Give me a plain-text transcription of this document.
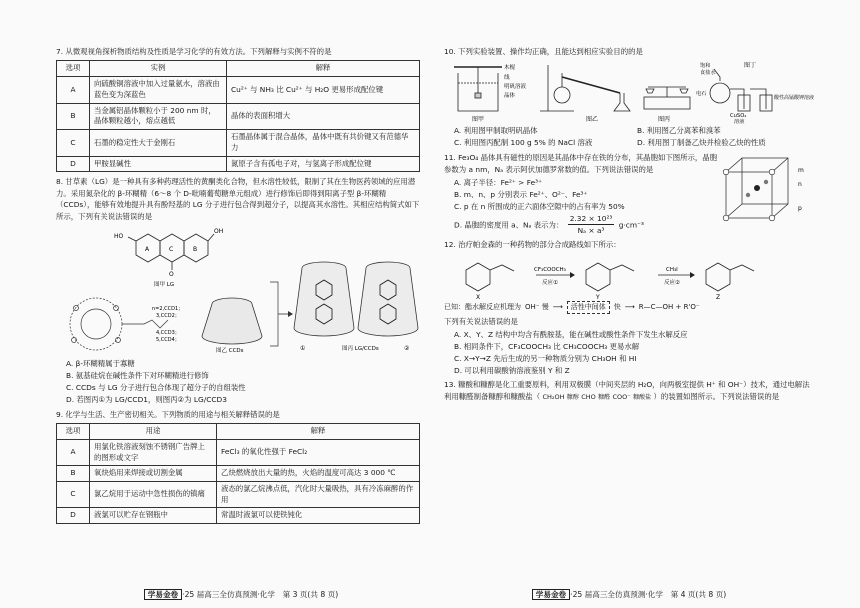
7. 从微观视角探析物质结构及性质是学习化学的有效方法。下列解释与实例不符的是
选项	实例	解释
A	向硫酸铜溶液中加入过量氨水，溶液由蓝色变为深蓝色	Cu²⁺ 与 NH₃ 比 Cu²⁺ 与 H₂O 更易形成配位键
B	当金属铝晶体颗粒小于 200 nm 时，晶体颗粒越小，熔点越低	晶体的表面积增大
C	石墨的稳定性大于金刚石	石墨晶体属于混合晶体，晶体中既有共价键又有范德华力
D	甲胺显碱性	氮原子含有孤电子对，与氢离子形成配位键
8. 甘草素（LG）是一种具有多种药理活性的黄酮类化合物，但水溶性较低，限制了其在生物医药领域的应用潜力。采用氮杂化的 β-环糊精（6～8 个 D-吡喃葡萄糖单元组成）进行修饰后即得到阳离子型 β-环糊精（CCDs），能够有效地提升具有酚羟基的 LG 分子进行包合得到超分子，以提高其水溶性。其相应结构简式如下所示，下列有关说法错误的是
HO
OH
O
A	C	B
图甲 LG
n=2,CCD1；
3,CCD2；
4,CCD3；
5,CCD4；
图乙 CCDs	①	图丙 LG/CCDs	②
A. β-环糊精属于寡糖
B. 氨基硅烷在碱性条件下对环糊精进行修饰
C. CCDs 与 LG 分子进行包合体现了超分子的自组装性
D. 若图丙①为 LG/CCD1，则图丙②为 LG/CCD3
9. 化学与生活、生产密切相关。下列物质的用途与相关解释错误的是
选项	用途	解释
A	用氯化铁溶液刻蚀不锈钢广告牌上的图形或文字	FeCl₃ 的氧化性强于 FeCl₂
B	氧炔焰用来焊接或切割金属	乙炔燃烧放出大量的热，火焰的温度可高达 3 000 ℃
C	氯乙烷用于运动中急性损伤的镇痛	液态的氯乙烷沸点低，汽化时大量吸热，具有冷冻麻醉的作用
D	液氯可以贮存在钢瓶中	常温时液氯可以使铁钝化
学易金卷 ·25 届高三全仿真预测·化学　第 3 页(共 8 页)
10. 下列实验装置、操作均正确，且能达到相应实验目的的是
木棍
线
明矾溶液
晶体
图甲	图乙	图丙
饱和
食盐水
电石
CuSO₄
溶液
酸性高锰酸钾溶液
图丁
A. 利用图甲制取明矾晶体	B. 利用图乙分离苯和溴苯
C. 利用图丙配制 100 g 5% 的 NaCl 溶液	D. 利用图丁制备乙炔并检验乙炔的性质
11. Fe₃O₄ 晶体具有磁性的原因是其晶体中存在铁的分布，其晶胞如下图所示，晶胞参数为 a nm，Nₐ 表示阿伏加德罗常数的值。下列说法错误的是
A. 离子半径：Fe²⁺ > Fe³⁺
B. m、n、p 分别表示 Fe²⁺、O²⁻、Fe³⁺
C. p 在 n 所围成的正六面体空隙中的占有率为 50%
D. 晶胞的密度用 a、Nₐ 表示为： $\frac{\text{2.32 × 10²³}}{\text{Nₐ × a³}} g\cdot cm^{-3}$
m
n
p
12. 治疗帕金森的一种药物的部分合成路线如下所示：
CF₃COOCH₃
反应①
CH₃I
反应②
X	Y	Z
已知：酯水解反应机理为 OH⁻ 慢 ⟶	活性中间体	快 ⟶ R—C—OH + R'O⁻
下列有关说法错误的是
A. X、Y、Z 结构中均含有酰胺基，能在碱性或酸性条件下发生水解反应
B. 相同条件下，CF₃COOCH₃ 比 CH₃COOCH₃ 更易水解
C. X→Y→Z 先后生成的另一种物质分别为 CH₃OH 和 HI
D. 可以利用碳酸钠溶液鉴别 Y 和 Z
13. 糠酸和糠醇是化工重要原料，利用双极膜（中间夹层的 H₂O，向两极室提供 H⁺ 和 OH⁻）技术，通过电解法利用糠醛制备糠醇和糠酸盐（ CH₂OH 糠醇 CHO 糠醛 COO⁻ 糠酸盐 ）的装置如图所示。下列说法错误的是
学易金卷 ·25 届高三全仿真预测·化学　第 4 页(共 8 页)
